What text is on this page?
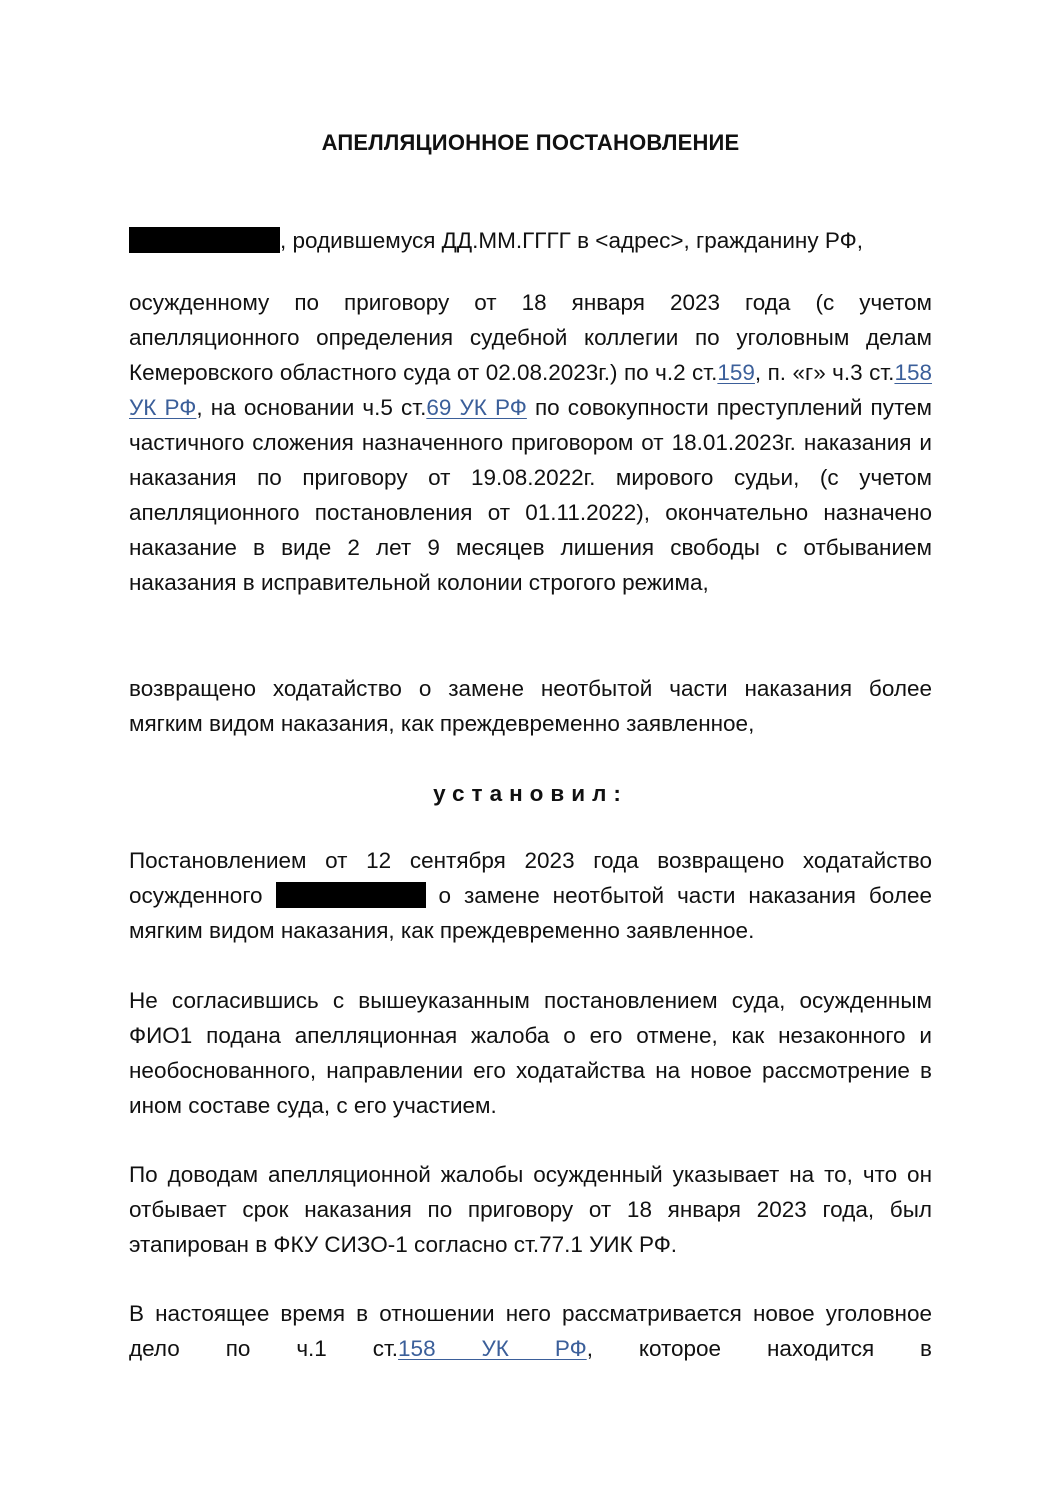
АПЕЛЛЯЦИОННОЕ ПОСТАНОВЛЕНИЕ
, родившемуся ДД.ММ.ГГГГ в <адрес>, гражданину РФ,
осужденному по приговору от 18 января 2023 года (с учетом апелляционного определения судебной коллегии по уголовным делам Кемеровского областного суда от 02.08.2023г.) по ч.2 ст.159, п. «г» ч.3 ст.158 УК РФ, на основании ч.5 ст.69 УК РФ по совокупности преступлений путем частичного сложения назначенного приговором от 18.01.2023г. наказания и наказания по приговору от 19.08.2022г. мирового судьи, (с учетом апелляционного постановления от 01.11.2022), окончательно назначено наказание в виде 2 лет 9 месяцев лишения свободы с отбыванием наказания в исправительной колонии строгого режима,
возвращено ходатайство о замене неотбытой части наказания более мягким видом наказания, как преждевременно заявленное,
установил:
Постановлением от 12 сентября 2023 года возвращено ходатайство осужденного	о замене неотбытой части наказания более мягким видом наказания, как преждевременно заявленное.
Не согласившись с вышеуказанным постановлением суда, осужденным ФИО1 подана апелляционная жалоба о его отмене, как незаконного и необоснованного, направлении его ходатайства на новое рассмотрение в ином составе суда, с его участием.
По доводам апелляционной жалобы осужденный указывает на то, что он отбывает срок наказания по приговору от 18 января 2023 года, был этапирован в ФКУ СИЗО-1 согласно ст.77.1 УИК РФ.
В настоящее время в отношении него рассматривается новое уголовное дело по ч.1 ст.158 УК РФ, которое находится в
